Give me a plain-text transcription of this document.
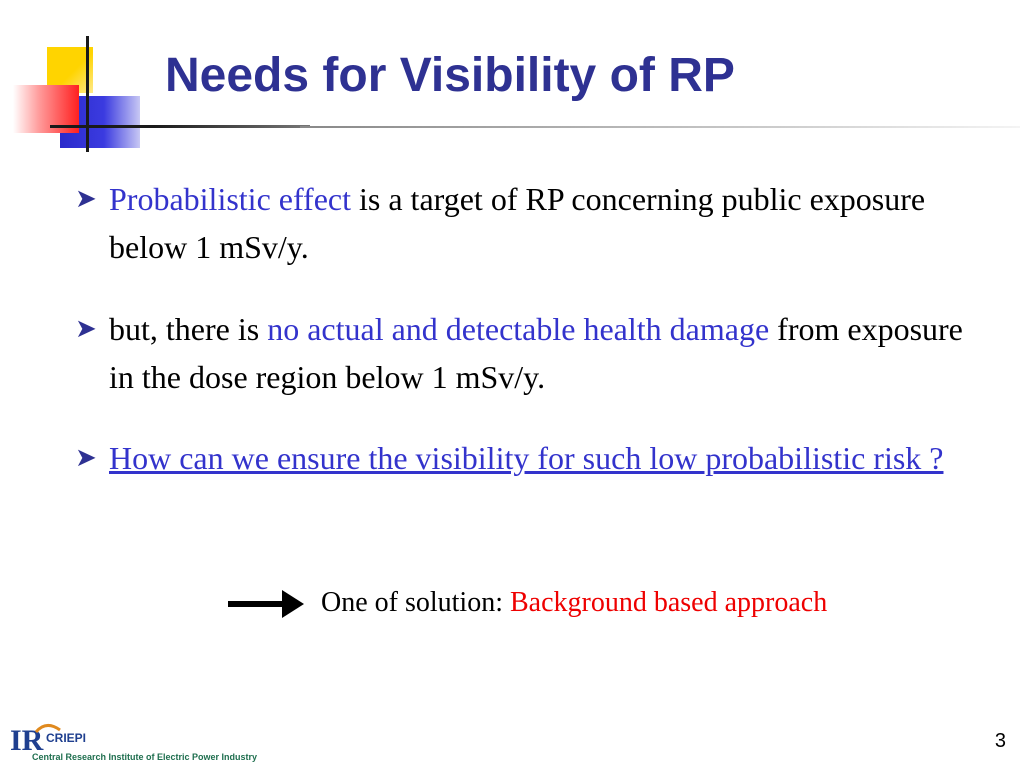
Needs for Visibility of RP
➤ Probabilistic effect is a target of RP concerning public exposure below 1 mSv/y.
➤ but, there is no actual and detectable health damage from exposure in the dose region below 1 mSv/y.
➤ How can we ensure the visibility for such low probabilistic risk ?
One of solution: Background based approach
IR CRIEPI
Central Research Institute of Electric Power Industry
3
